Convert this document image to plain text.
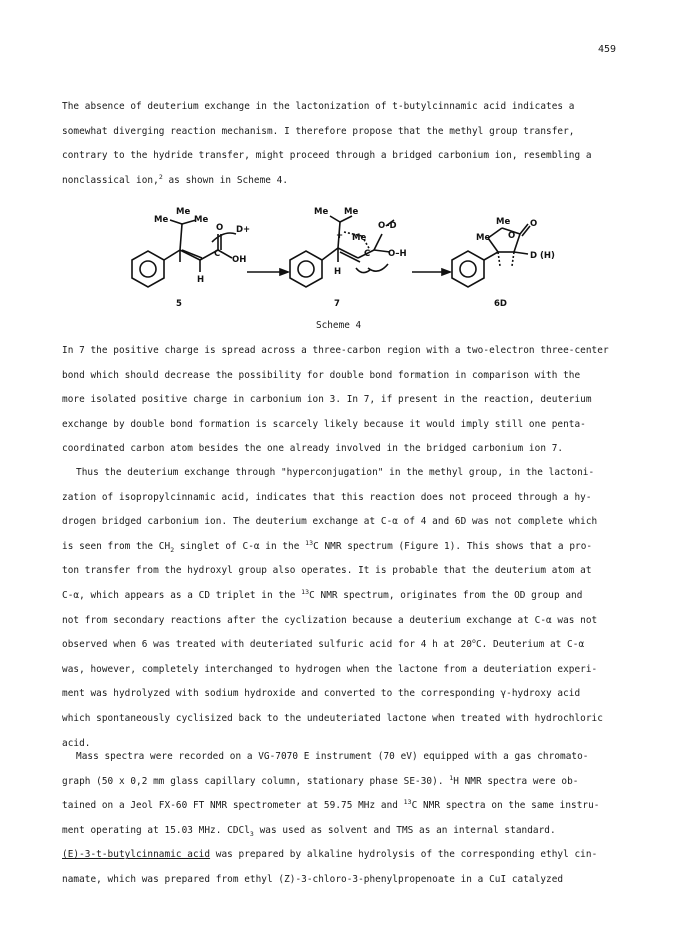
459

The absence of deuterium exchange in the lactonization of t-butylcinnamic acid indicates a
somewhat diverging reaction mechanism. I therefore propose that the methyl group transfer,
contrary to the hydride transfer, might proceed through a bridged carbonium ion, resembling a
nonclassical ion,$^2$ as shown in Scheme 4.

Me
Me	Me
O D+
C
OH
H
5
Me Me
+ Me
O–D
C O–H
H
7
Me
Me O
O
D (H)
6D
Scheme 4

In 7 the positive charge is spread across a three-carbon region with a two-electron three-center
bond which should decrease the possibility for double bond formation in comparison with the
more isolated positive charge in carbonium ion 3. In 7, if present in the reaction, deuterium
exchange by double bond formation is scarcely likely because it would imply still one penta-
coordinated carbon atom besides the one already involved in the bridged carbonium ion 7.

Thus the deuterium exchange through "hyperconjugation" in the methyl group, in the lactoni-
zation of isopropylcinnamic acid, indicates that this reaction does not proceed through a hy-
drogen bridged carbonium ion. The deuterium exchange at C-α of 4 and 6D was not complete which
is seen from the $CH_2$ singlet of C-α in the $^{13}$C NMR spectrum (Figure 1). This shows that a pro-
ton transfer from the hydroxyl group also operates. It is probable that the deuterium atom at
C-α, which appears as a CD triplet in the $^{13}$C NMR spectrum, originates from the OD group and
not from secondary reactions after the cyclization because a deuterium exchange at C-α was not
observed when 6 was treated with deuteriated sulfuric acid for 4 h at 20$^o$C. Deuterium at C-α
was, however, completely interchanged to hydrogen when the lactone from a deuteriation experi-
ment was hydrolyzed with sodium hydroxide and converted to the corresponding γ-hydroxy acid
which spontaneously cyclisized back to the undeuteriated lactone when treated with hydrochloric
acid.

Mass spectra were recorded on a VG-7070 E instrument (70 eV) equipped with a gas chromato-
graph (50 x 0,2 mm glass capillary column, stationary phase SE-30). $^1$H NMR spectra were ob-
tained on a Jeol FX-60 FT NMR spectrometer at 59.75 MHz and $^{13}$C NMR spectra on the same instru-
ment operating at 15.03 MHz. CDCl$_3$ was used as solvent and TMS as an internal standard.
(E)-3-t-butylcinnamic acid was prepared by alkaline hydrolysis of the corresponding ethyl cin-
namate, which was prepared from ethyl (Z)-3-chloro-3-phenylpropenoate in a CuI catalyzed
